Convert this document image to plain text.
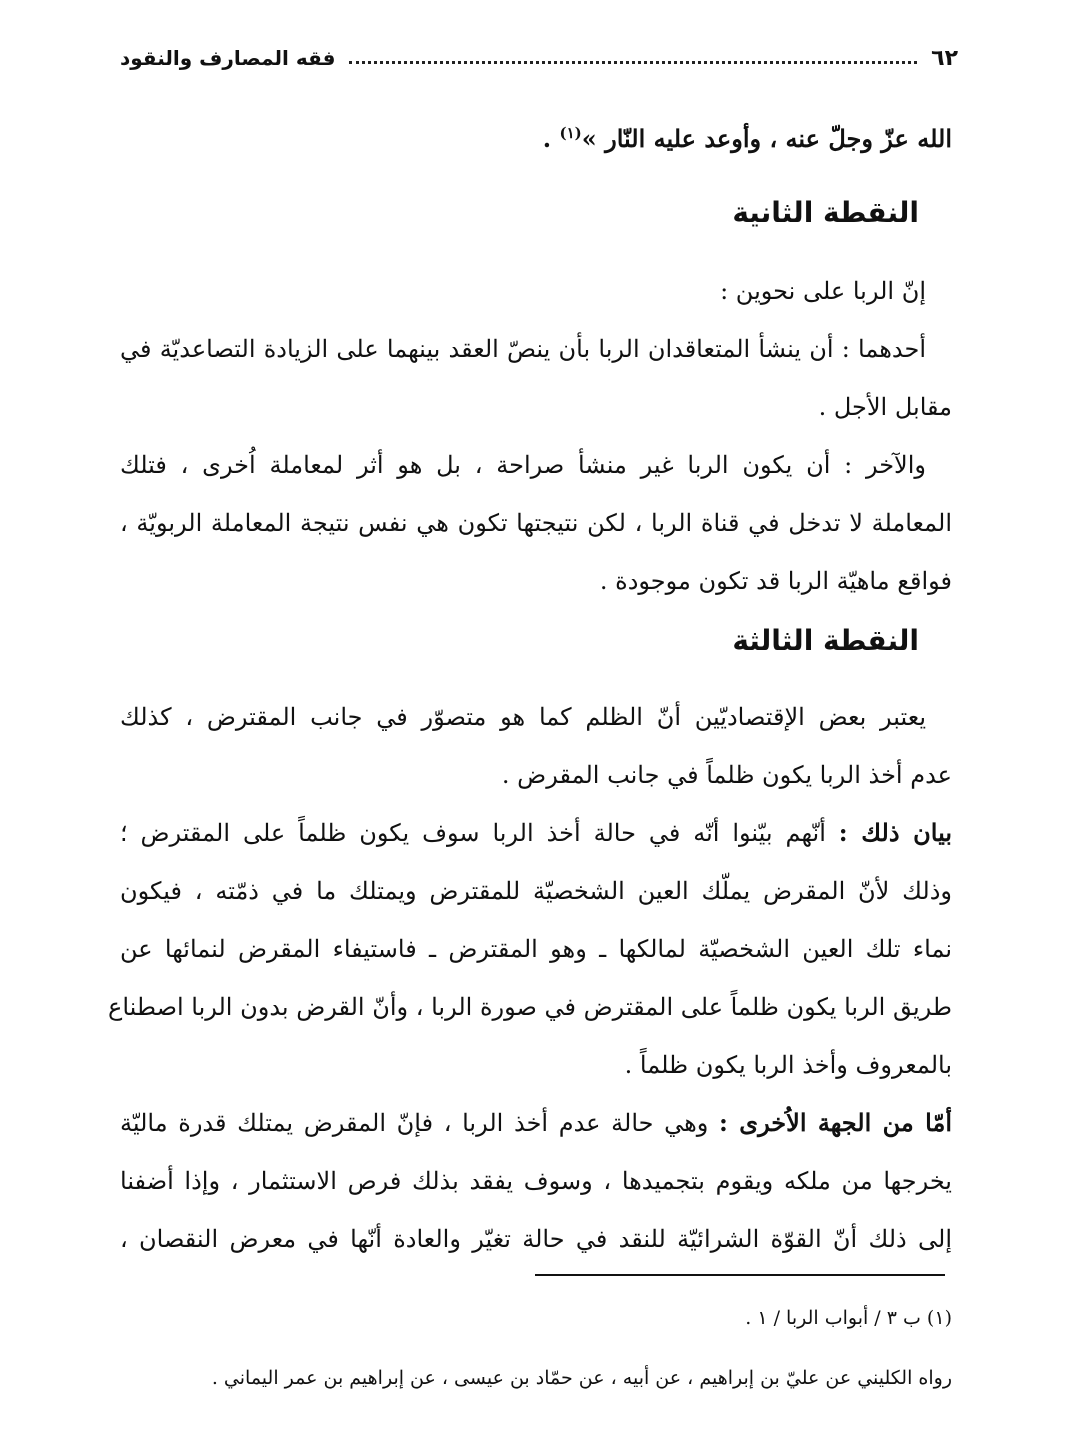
٦٢
فقه المصارف والنقود

الله عزّ وجلّ عنه ، وأوعد عليه النّار »$^{(١)}$ .

النقطة الثانية

إنّ الربا على نحوين :

أحدهما : أن ينشأ المتعاقدان الربا بأن ينصّ العقد بينهما على الزيادة التصاعديّة في

مقابل الأجل .

والآخر : أن يكون الربا غير منشأ صراحة ، بل هو أثر لمعاملة اُخرى ، فتلك

المعاملة لا تدخل في قناة الربا ، لكن نتيجتها تكون هي نفس نتيجة المعاملة الربويّة ،

فواقع ماهيّة الربا قد تكون موجودة .

النقطة الثالثة

يعتبر بعض الإقتصاديّين أنّ الظلم كما هو متصوّر في جانب المقترض ، كذلك

عدم أخذ الربا يكون ظلماً في جانب المقرض .

بيان ذلك : أنّهم بيّنوا أنّه في حالة أخذ الربا سوف يكون ظلماً على المقترض ؛

وذلك لأنّ المقرض يملّك العين الشخصيّة للمقترض ويمتلك ما في ذمّته ، فيكون

نماء تلك العين الشخصيّة لمالكها ـ وهو المقترض ـ فاستيفاء المقرض لنمائها عن

طريق الربا يكون ظلماً على المقترض في صورة الربا ، وأنّ القرض بدون الربا اصطناع

بالمعروف وأخذ الربا يكون ظلماً .

أمّا من الجهة الاُخرى : وهي حالة عدم أخذ الربا ، فإنّ المقرض يمتلك قدرة ماليّة

يخرجها من ملكه ويقوم بتجميدها ، وسوف يفقد بذلك فرص الاستثمار ، وإذا أضفنا

إلى ذلك أنّ القوّة الشرائيّة للنقد في حالة تغيّر والعادة أنّها في معرض النقصان ،

(١) ب ٣ / أبواب الربا / ١ .

رواه الكليني عن عليّ بن إبراهيم ، عن أبيه ، عن حمّاد بن عيسى ، عن إبراهيم بن عمر اليماني .
